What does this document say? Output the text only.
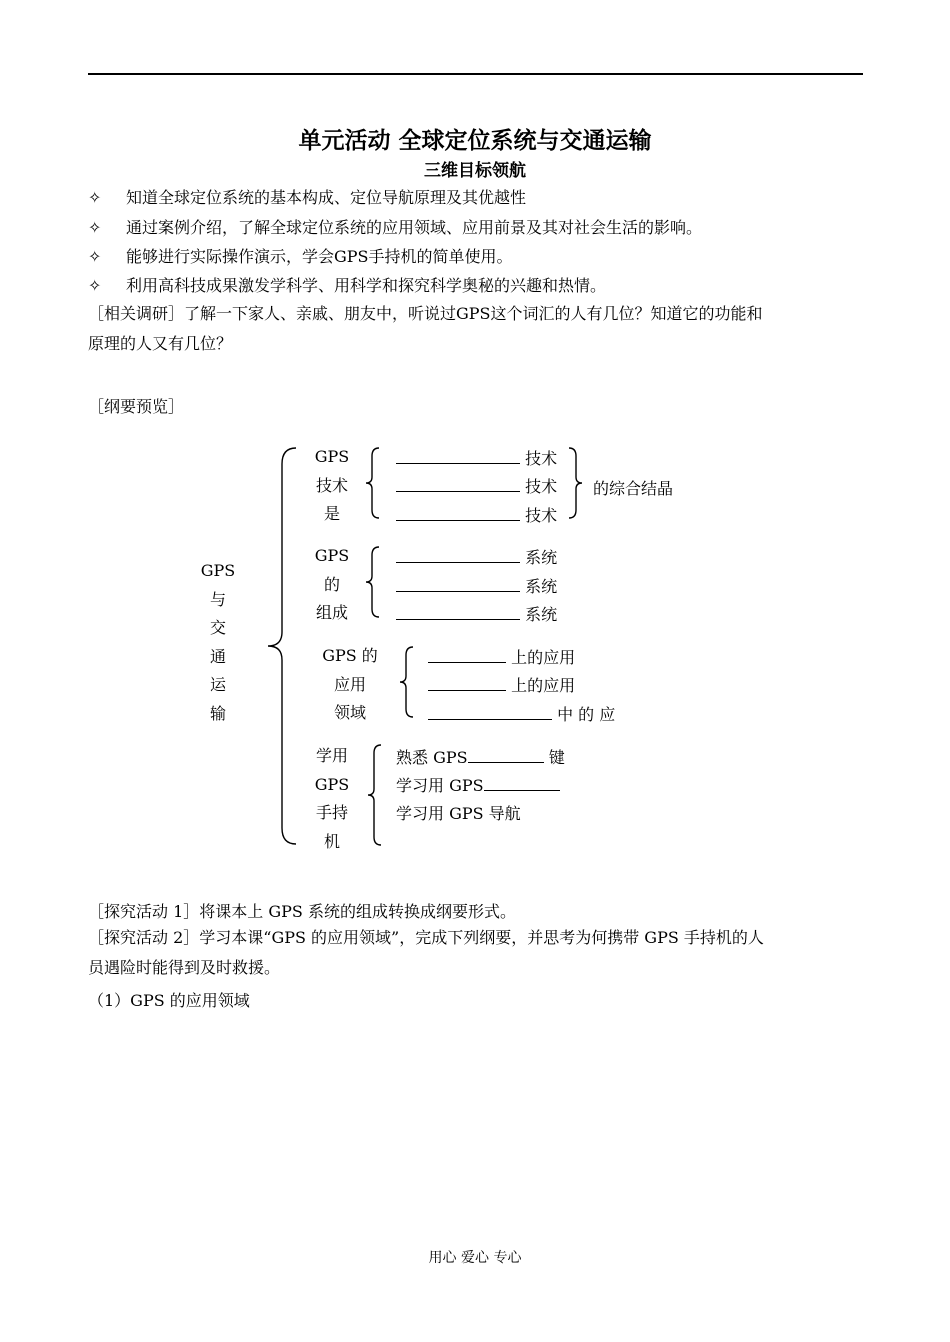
单元活动 全球定位系统与交通运输
三维目标领航
✧ 知道全球定位系统的基本构成、定位导航原理及其优越性
✧ 通过案例介绍，了解全球定位系统的应用领域、应用前景及其对社会生活的影响。
✧ 能够进行实际操作演示，学会GPS手持机的简单使用。
✧ 利用高科技成果激发学科学、用科学和探究科学奥秘的兴趣和热情。
［相关调研］了解一下家人、亲戚、朋友中，听说过GPS这个词汇的人有几位？知道它的功能和
原理的人又有几位？
［纲要预览］
GPS
与
交
通
运
输
GPS
技术
是
技术
技术
技术
的综合结晶
GPS
的
组成
系统
系统
系统
GPS 的
应用
领域
上的应用
上的应用
中 的 应
学用
GPS
手持
机
熟悉 GPS	键
学习用 GPS
学习用 GPS 导航
［探究活动 1］将课本上 GPS 系统的组成转换成纲要形式。
［探究活动 2］学习本课“GPS 的应用领域”，完成下列纲要，并思考为何携带 GPS 手持机的人
员遇险时能得到及时救援。
（1）GPS 的应用领域
用心 爱心 专心
